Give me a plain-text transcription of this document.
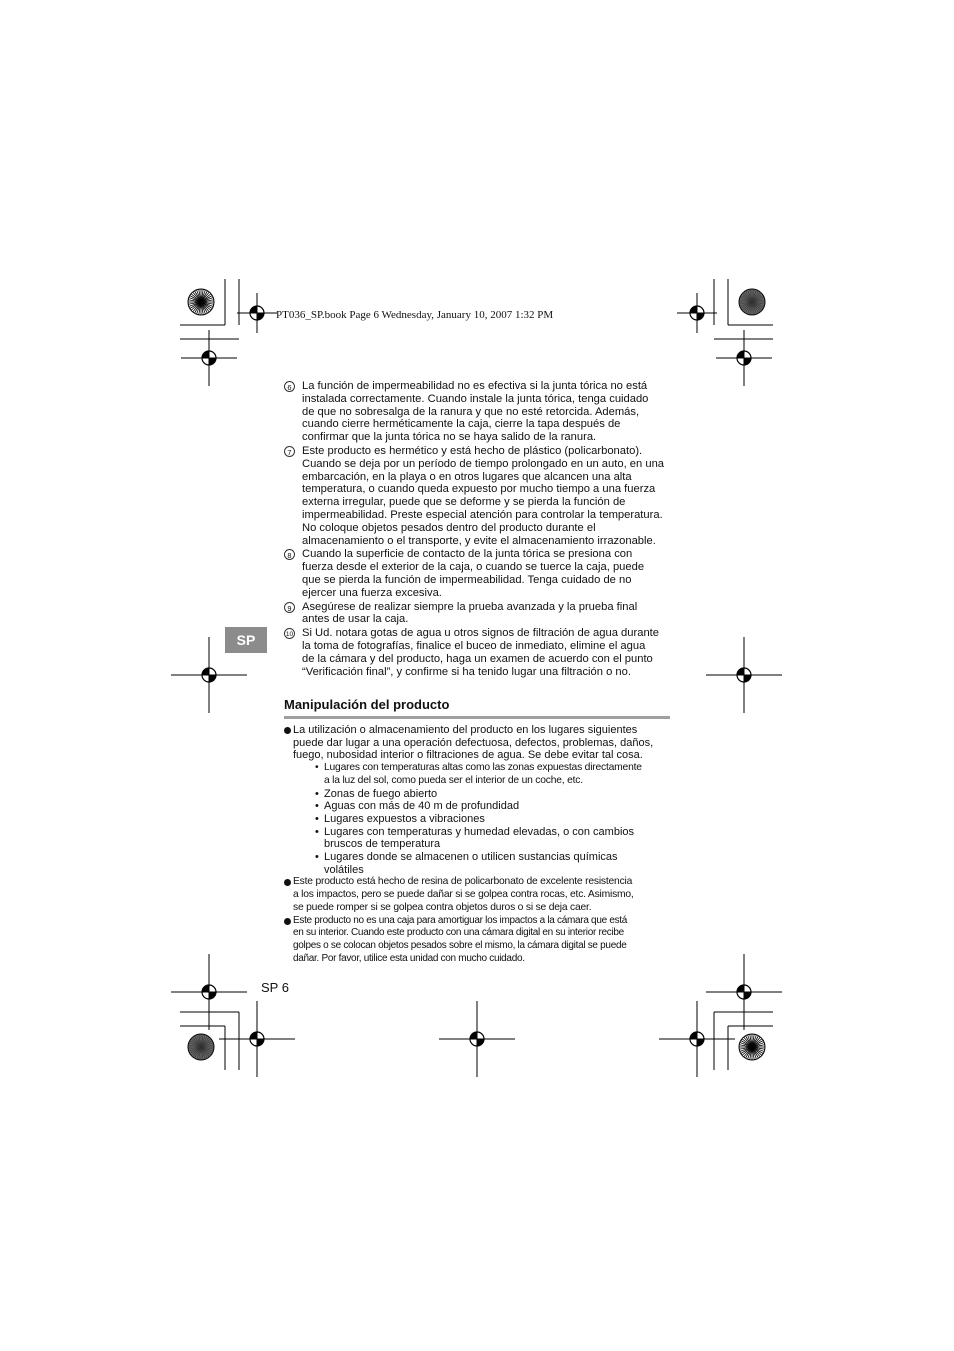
PT036_SP.book Page 6 Wednesday, January 10, 2007 1:32 PM
6 La función de impermeabilidad no es efectiva si la junta tórica no está
instalada correctamente. Cuando instale la junta tórica, tenga cuidado
de que no sobresalga de la ranura y que no esté retorcida. Además,
cuando cierre herméticamente la caja, cierre la tapa después de
confirmar que la junta tórica no se haya salido de la ranura.
7 Este producto es hermético y está hecho de plástico (policarbonato).
Cuando se deja por un período de tiempo prolongado en un auto, en una
embarcación, en la playa o en otros lugares que alcancen una alta
temperatura, o cuando queda expuesto por mucho tiempo a una fuerza
externa irregular, puede que se deforme y se pierda la función de
impermeabilidad. Preste especial atención para controlar la temperatura.
No coloque objetos pesados dentro del producto durante el
almacenamiento o el transporte, y evite el almacenamiento irrazonable.
8 Cuando la superficie de contacto de la junta tórica se presiona con
fuerza desde el exterior de la caja, o cuando se tuerce la caja, puede
que se pierda la función de impermeabilidad. Tenga cuidado de no
ejercer una fuerza excesiva.
9 Asegúrese de realizar siempre la prueba avanzada y la prueba final
antes de usar la caja.
10 Si Ud. notara gotas de agua u otros signos de filtración de agua durante
la toma de fotografías, finalice el buceo de inmediato, elimine el agua
de la cámara y del producto, haga un examen de acuerdo con el punto
“Verificación final”, y confirme si ha tenido lugar una filtración o no.
SP
Manipulación del producto
La utilización o almacenamiento del producto en los lugares siguientes
puede dar lugar a una operación defectuosa, defectos, problemas, daños,
fuego, nubosidad interior o filtraciones de agua. Se debe evitar tal cosa.
• Lugares con temperaturas altas como las zonas expuestas directamente
a la luz del sol, como pueda ser el interior de un coche, etc.
• Zonas de fuego abierto
• Aguas con más de 40 m de profundidad
• Lugares expuestos a vibraciones
• Lugares con temperaturas y humedad elevadas, o con cambios
bruscos de temperatura
• Lugares donde se almacenen o utilicen sustancias químicas
volátiles
Este producto está hecho de resina de policarbonato de excelente resistencia
a los impactos, pero se puede dañar si se golpea contra rocas, etc. Asimismo,
se puede romper si se golpea contra objetos duros o si se deja caer.
Este producto no es una caja para amortiguar los impactos a la cámara que está
en su interior. Cuando este producto con una cámara digital en su interior recibe
golpes o se colocan objetos pesados sobre el mismo, la cámara digital se puede
dañar. Por favor, utilice esta unidad con mucho cuidado.
SP 6
